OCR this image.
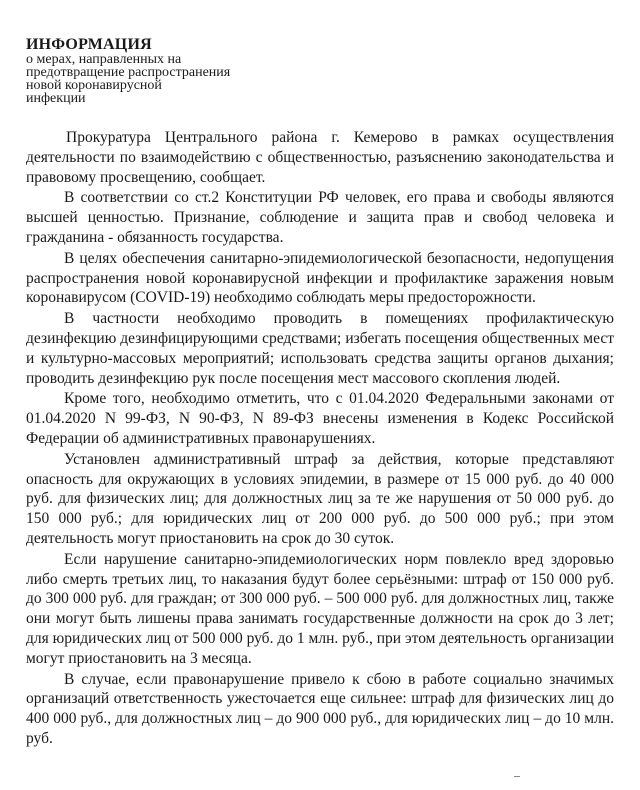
ИНФОРМАЦИЯ

о мерах, направленных на
предотвращение распространения
новой коронавирусной
инфекции

Прокуратура Центрального района г. Кемерово в рамках осуществления деятельности по взаимодействию с общественностью, разъяснению законодательства и правовому просвещению, сообщает.

В соответствии со ст.2 Конституции РФ человек, его права и свободы являются высшей ценностью. Признание, соблюдение и защита прав и свобод человека и гражданина - обязанность государства.

В целях обеспечения санитарно-эпидемиологической безопасности, недопущения распространения новой коронавирусной инфекции и профилактике заражения новым коронавирусом (COVID-19) необходимо соблюдать меры предосторожности.

В частности необходимо проводить в помещениях профилактическую дезинфекцию дезинфицирующими средствами; избегать посещения общественных мест и культурно-массовых мероприятий; использовать средства защиты органов дыхания; проводить дезинфекцию рук после посещения мест массового скопления людей.

Кроме того, необходимо отметить, что с 01.04.2020 Федеральными законами от 01.04.2020 N 99-ФЗ, N 90-ФЗ, N 89-ФЗ внесены изменения в Кодекс Российской Федерации об административных правонарушениях.

Установлен административный штраф за действия, которые представляют опасность для окружающих в условиях эпидемии, в размере от 15 000 руб. до 40 000 руб. для физических лиц; для должностных лиц за те же нарушения от 50 000 руб. до 150 000 руб.; для юридических лиц от 200 000 руб. до 500 000 руб.; при этом деятельность могут приостановить на срок до 30 суток.

Если нарушение санитарно-эпидемиологических норм повлекло вред здоровью либо смерть третьих лиц, то наказания будут более серьёзными: штраф от 150 000 руб. до 300 000 руб. для граждан; от 300 000 руб. – 500 000 руб. для должностных лиц, также они могут быть лишены права занимать государственные должности на срок до 3 лет; для юридических лиц от 500 000 руб. до 1 млн. руб., при этом деятельность организации могут приостановить на 3 месяца.

В случае, если правонарушение привело к сбою в работе социально значимых организаций ответственность ужесточается еще сильнее: штраф для физических лиц до 400 000 руб., для должностных лиц – до 900 000 руб., для юридических лиц – до 10 млн. руб.
